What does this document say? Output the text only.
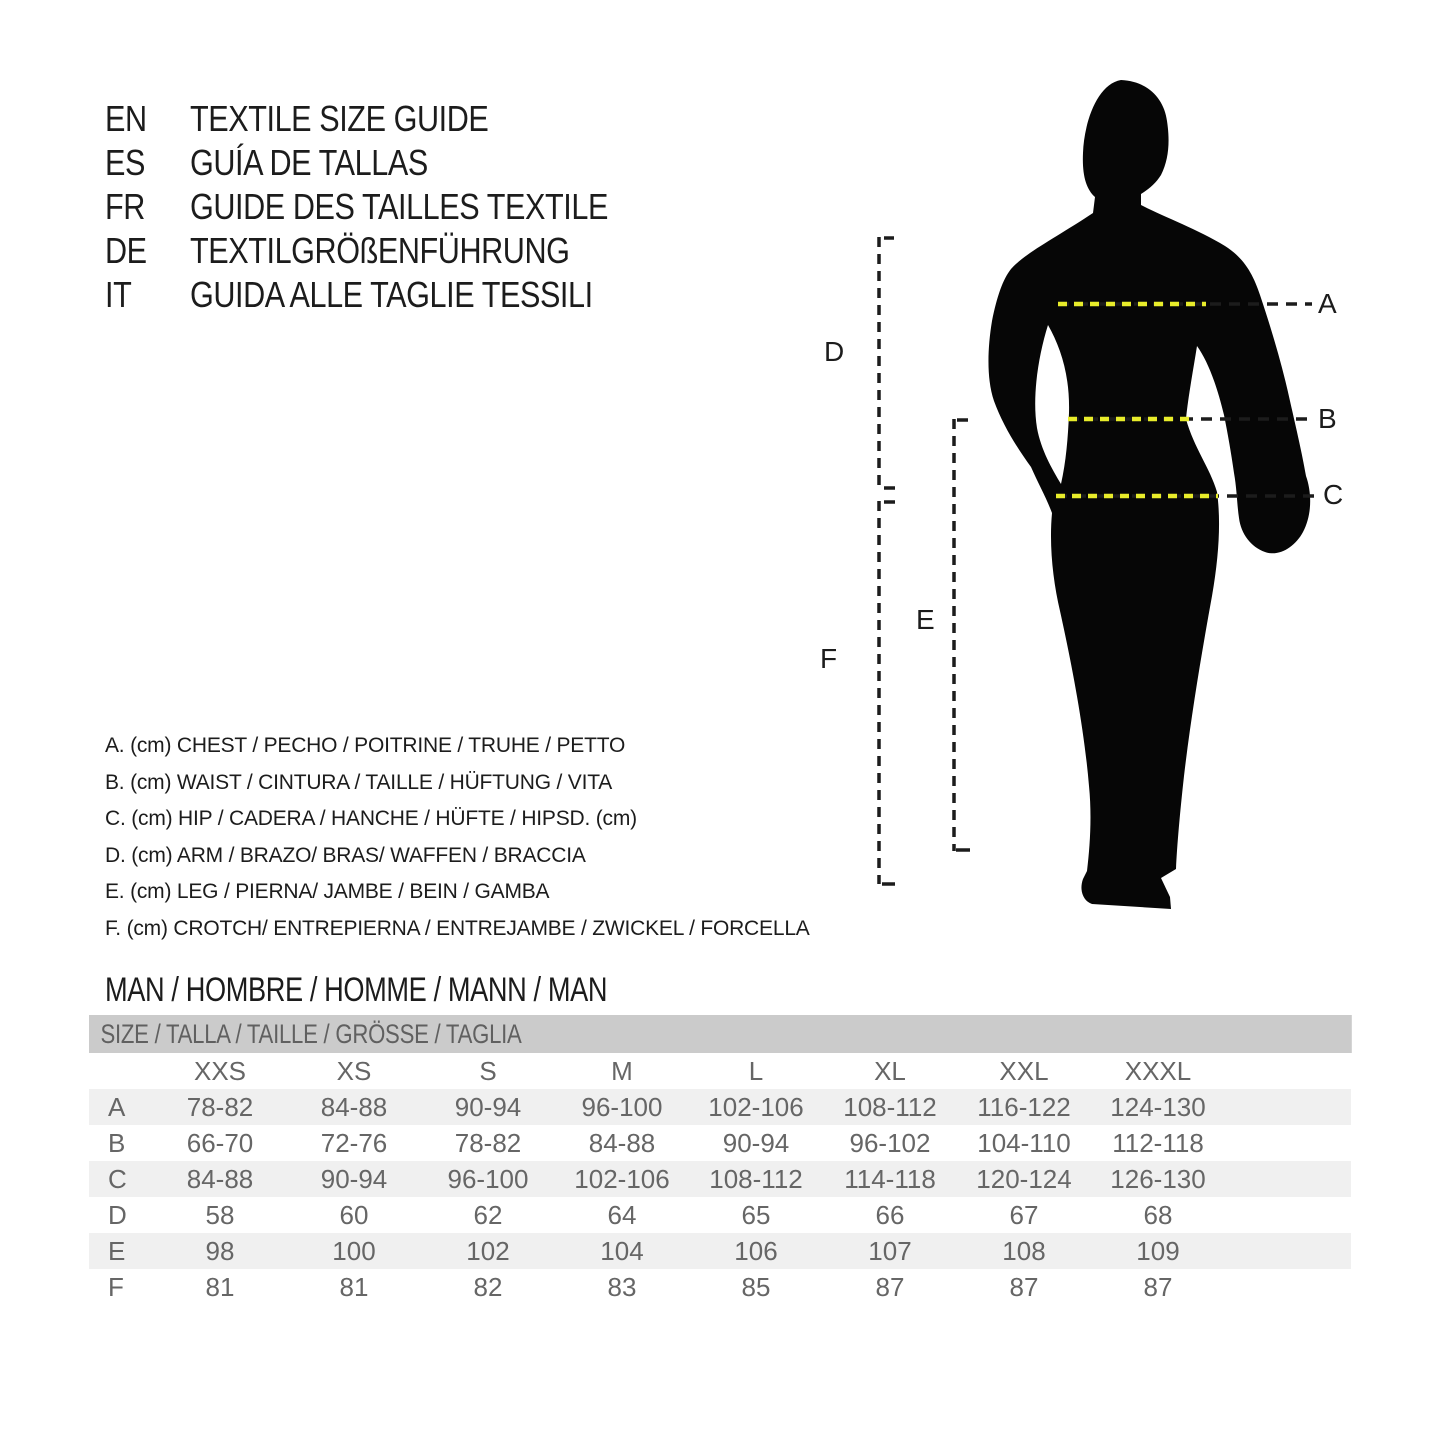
EN	TEXTILE SIZE GUIDE
ES	GUÍA DE TALLAS
FR	GUIDE DES TAILLES TEXTILE
DE	TEXTILGRÖßENFÜHRUNG
IT	GUIDA ALLE TAGLIE TESSILI
A. (cm) CHEST / PECHO / POITRINE / TRUHE / PETTO
B. (cm) WAIST / CINTURA / TAILLE / HÜFTUNG / VITA
C. (cm) HIP / CADERA / HANCHE / HÜFTE / HIPSD. (cm)
D. (cm) ARM / BRAZO/ BRAS/ WAFFEN / BRACCIA
E. (cm) LEG / PIERNA/ JAMBE / BEIN / GAMBA
F. (cm) CROTCH/ ENTREPIERNA / ENTREJAMBE / ZWICKEL / FORCELLA
MAN / HOMBRE / HOMME / MANN / MAN
A
B
C
D
E
F
SIZE / TALLA / TAILLE / GRÖSSE / TAGLIA
XXS	XS	S	M	L	XL	XXL	XXXL
A	78-82	84-88	90-94	96-100	102-106	108-112	116-122	124-130
B	66-70	72-76	78-82	84-88	90-94	96-102	104-110	112-118
C	84-88	90-94	96-100	102-106	108-112	114-118	120-124	126-130
D	58	60	62	64	65	66	67	68
E	98	100	102	104	106	107	108	109
F	81	81	82	83	85	87	87	87
